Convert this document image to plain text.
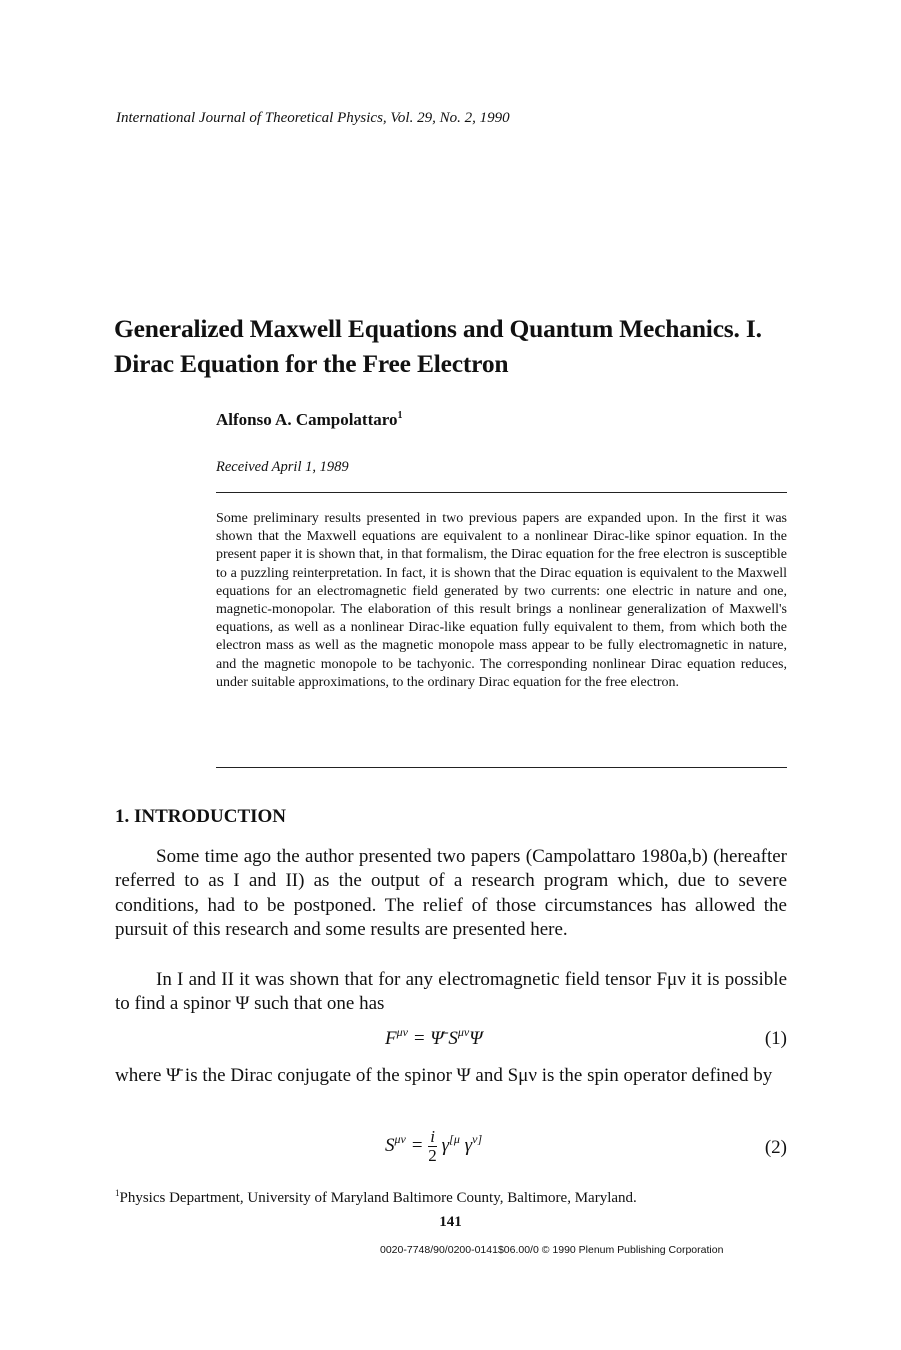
International Journal of Theoretical Physics, Vol. 29, No. 2, 1990
Generalized Maxwell Equations and Quantum Mechanics. I. Dirac Equation for the Free Electron
Alfonso A. Campolattaro$^1$
Received April 1, 1989
Some preliminary results presented in two previous papers are expanded upon. In the first it was shown that the Maxwell equations are equivalent to a nonlinear Dirac-like spinor equation. In the present paper it is shown that, in that formalism, the Dirac equation for the free electron is susceptible to a puzzling reinterpretation. In fact, it is shown that the Dirac equation is equivalent to the Maxwell equations for an electromagnetic field generated by two currents: one electric in nature and one, magnetic-monopolar. The elaboration of this result brings a nonlinear generalization of Maxwell's equations, as well as a nonlinear Dirac-like equation fully equivalent to them, from which both the electron mass as well as the magnetic monopole mass appear to be fully electromagnetic in nature, and the magnetic monopole to be tachyonic. The corresponding nonlinear Dirac equation reduces, under suitable approximations, to the ordinary Dirac equation for the free electron.
1. INTRODUCTION

Some time ago the author presented two papers (Campolattaro 1980a,b) (hereafter referred to as I and II) as the output of a research program which, due to severe conditions, had to be postponed. The relief of those circumstances has allowed the pursuit of this research and some results are presented here.

In I and II it was shown that for any electromagnetic field tensor Fμν it is possible to find a spinor Ψ such that one has

$F^{\mu\nu}$ = Ψ̄ $S^{\mu\nu}\Psi$	(1)

where Ψ̄ is the Dirac conjugate of the spinor Ψ and Sμν is the spin operator defined by

$S^{\mu\nu} = \frac{i}{2} \gamma^{[\mu}$ $\gamma^{\nu]}$	(2)
$^1$Physics Department, University of Maryland Baltimore County, Baltimore, Maryland.
141
0020-7748/90/0200-0141$06.00/0 © 1990 Plenum Publishing Corporation
